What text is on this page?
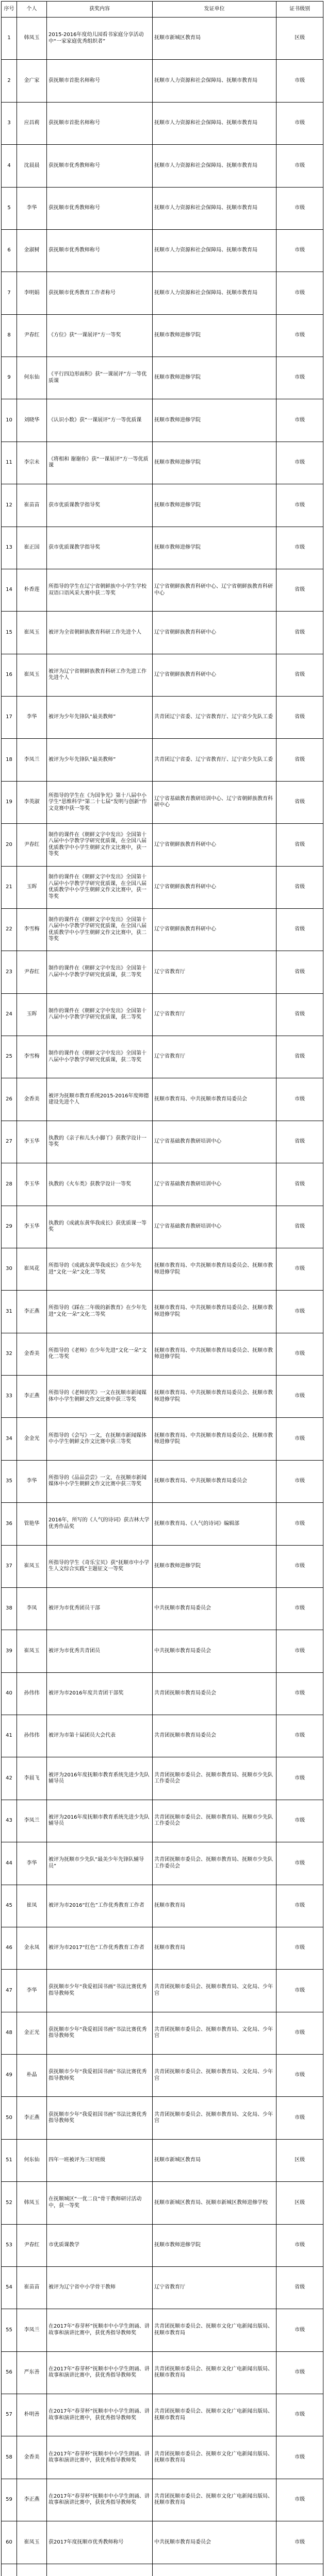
序号	个人	获奖内容	发证单位	证书级别
1	韩凤玉	2015-2016年度幼儿园看书家庭分享活动中“一家家庭优秀组织者”	抚顺市新城区教育局	区级
2	金广家	获抚顺市首批名师称号	抚顺市人力资源和社会保障局、抚顺市教育局	市级
3	应昌莉	获抚顺市首批名师称号	抚顺市人力资源和社会保障局、抚顺市教育局	市级
4	沈晨晨	获抚顺市优秀教师称号	抚顺市人力资源和社会保障局、抚顺市教育局	市级
5	李华	获抚顺市优秀教师称号	抚顺市人力资源和社会保障局、抚顺市教育局	市级
6	金淑树	获抚顺市优秀教师称号	抚顺市人力资源和社会保障局、抚顺市教育局	市级
7	李明娟	获抚顺市优秀教育工作者称号	抚顺市人力资源和社会保障局、抚顺市教育局	市级
8	尹春红	《方位》获“一课展评”方一等奖	抚顺市教师进修学院	市级
9	何东仙	《平行四边形面积》获“一课展评”方一等优质课	抚顺市教师进修学院	市级
10	刘晓华	《认识小数》获“一课展评”方一等优质课	抚顺市教师进修学院	市级
11	李宗未	《将相和 谢谢你》获“一课展评”方一等优质课	抚顺市教师进修学院	市级
12	崔苗苗	获市优质课教学指导奖	抚顺市教师进修学院	市级
13	崔正国	获市优质课教学指导奖	抚顺市教师进修学院	市级
14	朴香莲	所指导的学生在辽宁省朝鲜族中小学生学校双语口语风采大赛中获二等奖	辽宁省朝鲜族教育科研中心、辽宁省朝鲜族教育科研中心	省级
15	崔凤玉	被评为全省朝鲜族教育科研工作先进个人	辽宁省朝鲜族教育科研中心	省级
16	崔凤玉	被评为辽宁省朝鲜族教育科研工作先进工作先进个人	辽宁省朝鲜族教育科研中心	省级
17	李华	被评为少年先锋队“最美教师”	共青团辽宁省委、辽宁省教育厅、辽宁省少先队工委	省级
18	李凤兰	被评为少年先锋队“最美教师”	共青团辽宁省委、辽宁省教育厅、辽宁省少先队工委	省级
19	李英淑	所指导的学生在《为国争光》第十八届中小学生“思维科学”第二十七届“发明与创新”作文竞赛中获一等奖	辽宁省基础教育教研培训中心、辽宁省朝鲜族教育科研中心	省级
20	尹春红	制作的课件在《朝鲜文字中发出》全国第十八届中小学教学学研究优质课，在全国八届优质教学中小学生朝鲜文作文比赛中，获一等奖	辽宁省朝鲜族教育科研中心	省级
21	玉晖	制作的课件在《朝鲜文字中发出》全国第十八届中小学教学学研究优质课，在全国八届优质教学中小学生朝鲜文作文比赛中，获一等奖	辽宁省朝鲜族教育科研中心	省级
22	李雪梅	制作的课件在《朝鲜文字中发出》全国第十八届中小学教学学研究优质课，在全国八届优质教学中小学生朝鲜文作文比赛中，获二等奖	辽宁省朝鲜族教育科研中心	省级
23	尹春红	制作的课件在《朝鲜文字中发出》全国第十八届中小学教学学研究优质课，获二等奖	辽宁省教育厅	省级
24	玉晖	制作的课件在《朝鲜文字中发出》全国第十八届中小学教学学研究优质课，获二等奖	辽宁省教育厅	省级
25	李雪梅	制作的课件在《朝鲜文字中发出》全国第十八届中小学教学学研究优质课，获二等奖	辽宁省教育厅	省级
26	金香美	被评为抚顺市教育系统2015-2016年度师德建设先进个人	抚顺市教育局、中共抚顺市教育局委员会	市级
27	李玉华	执教的《亲子和儿头小脚丫》获教学设计一等奖	辽宁省基础教育教研培训中心	省级
28	李玉华	执教的《火车类》获教学设计一等奖	辽宁省基础教育教研培训中心	省级
29	李玉华	执教的《成就东黄华我成长》获优质课一等奖	辽宁省基础教育教研培训中心	省级
30	崔凤花	所指导的《成就东黄华我成长》在少年先进“文化一朵”文化二等奖	抚顺市教育局、中共抚顺市教育局委员会、抚顺市教师进修学院	市级
31	李正燕	所指导的《踩在二年级的新教育》在少年先进“文化一朵”文化二等奖	抚顺市教育局、中共抚顺市教育局委员会、抚顺市教师进修学院	市级
32	金香美	所指导的《老师》在少年先进“文化一朵”文化二等奖	抚顺市教育局、中共抚顺市教育局委员会、抚顺市教师进修学院	市级
33	李正燕	所指导的《老师的笑》一文在抚顺市新闻媒体中小学生朝鲜文作文比赛中获三等奖	抚顺市教育局、中共抚顺市教育局委员会、抚顺市教师进修学院	市级
34	金金光	所指导的《会写》一文，在抚顺市新闻媒体中小学生朝鲜文作文比赛中获三等奖	抚顺市教育局、中共抚顺市教育局委员会、抚顺市教师进修学院	市级
35	李华	所指导的《品品尝尝》一文，在抚顺市新闻媒体中小学生朝鲜文作文比赛中获三等奖	抚顺市教育局、中共抚顺市教育局委员会	市级
36	管艳华	2016年，所写的《人气的诗词》获吉林大学优秀作品奖	抚顺市教育局、《人气的诗词》编辑部	市级
37	崔凤玉	所指导的学生《奇乐宝贝》获“抚顺市中小学生人文综合实践”主题征文一等奖	抚顺市教师进修学院	市级
38	李凤	被评为市优秀团员干部	中共抚顺市教育局委员会	市级
39	崔凤玉	被评为市优秀共青团员	中共抚顺市教育局委员会	市级
40	孙伟伟	被评为市2016年度共青团干部奖	共青团抚顺市教育局委员会	市级
41	孙伟伟	被评为市第十届团员大会代表	共青团抚顺市教育局委员会	市级
42	李晨飞	被评为2016年度抚顺市教育系统先进少先队辅导员	共青团抚顺市委员会、抚顺市教育局、抚顺市少先队工作委员会	市级
43	李凤兰	被评为2016年度抚顺市教育系统先进少先队辅导员	共青团抚顺市委员会、抚顺市教育局、抚顺市少先队工作委员会	市级
44	李华	被评为抚顺市少先队“最美少年先锋队辅导员”	共青团抚顺市委员会、抚顺市教育局、抚顺市少先队工作委员会	市级
45	崔凤	被评为市2016“红色”工作优秀教育工作者	抚顺市教育局	市级
46	金永凤	被评为市2017“红色”工作优秀教育工作者	抚顺市教育局	市级
47	李华	获抚顺市少年“我爱祖国书画”书法比赛优秀指导教师奖	共青团抚顺市委员会、抚顺市教育局、文化局、少年宫	市级
48	金正光	获抚顺市少年“我爱祖国书画”书法比赛优秀指导教师奖	共青团抚顺市委员会、抚顺市教育局、文化局、少年宫	市级
49	朴晶	获抚顺市少年“我爱祖国书画”书法比赛优秀指导教师奖	共青团抚顺市委员会、抚顺市教育局、文化局、少年宫	市级
50	李正燕	获抚顺市少年“我爱祖国书画”书法比赛优秀指导教师奖	共青团抚顺市委员会、抚顺市教育局、文化局、少年宫	市级
51	何东仙	四年一班被评为三好班级	抚顺市新城区教育局	区级
52	韩凤玉	在抚顺城区“一优二良”骨干教师研讨活动中，获一等奖	抚顺市新城区教育局、抚顺市新城区教师进修学校	区级
53	尹春红	市优质课教学	抚顺市教师进修学院	市级
54	崔苗苗	被评为辽宁省中小学骨干教师	辽宁省教育厅	省级
55	李凤兰	在2017年“春芽杯”抚顺市中小学生朗诵、讲故事和演讲比赛中，获优秀指导教师奖	共青团抚顺市委员会、抚顺市文化广电新闻出版局、抚顺市教育局	市级
56	严东善	在2017年“春芽杯”抚顺市中小学生朗诵、讲故事和演讲比赛中，获优秀指导教师奖	共青团抚顺市委员会、抚顺市文化广电新闻出版局、抚顺市教育局	市级
57	朴明善	在2017年“春芽杯”抚顺市中小学生朗诵、讲故事和演讲比赛中，获优秀指导教师奖	共青团抚顺市委员会、抚顺市文化广电新闻出版局、抚顺市教育局	市级
58	金香美	在2017年“春芽杯”抚顺市中小学生朗诵、讲故事和演讲比赛中，获优秀指导教师奖	共青团抚顺市委员会、抚顺市文化广电新闻出版局、抚顺市教育局	市级
59	李正燕	在2017年“春芽杯”抚顺市中小学生朗诵、讲故事和演讲比赛中，获优秀指导教师奖	共青团抚顺市委员会、抚顺市文化广电新闻出版局、抚顺市教育局	市级
60	崔凤玉	获2017年度抚顺市优秀教师称号	中共抚顺市教育局委员会	市级
